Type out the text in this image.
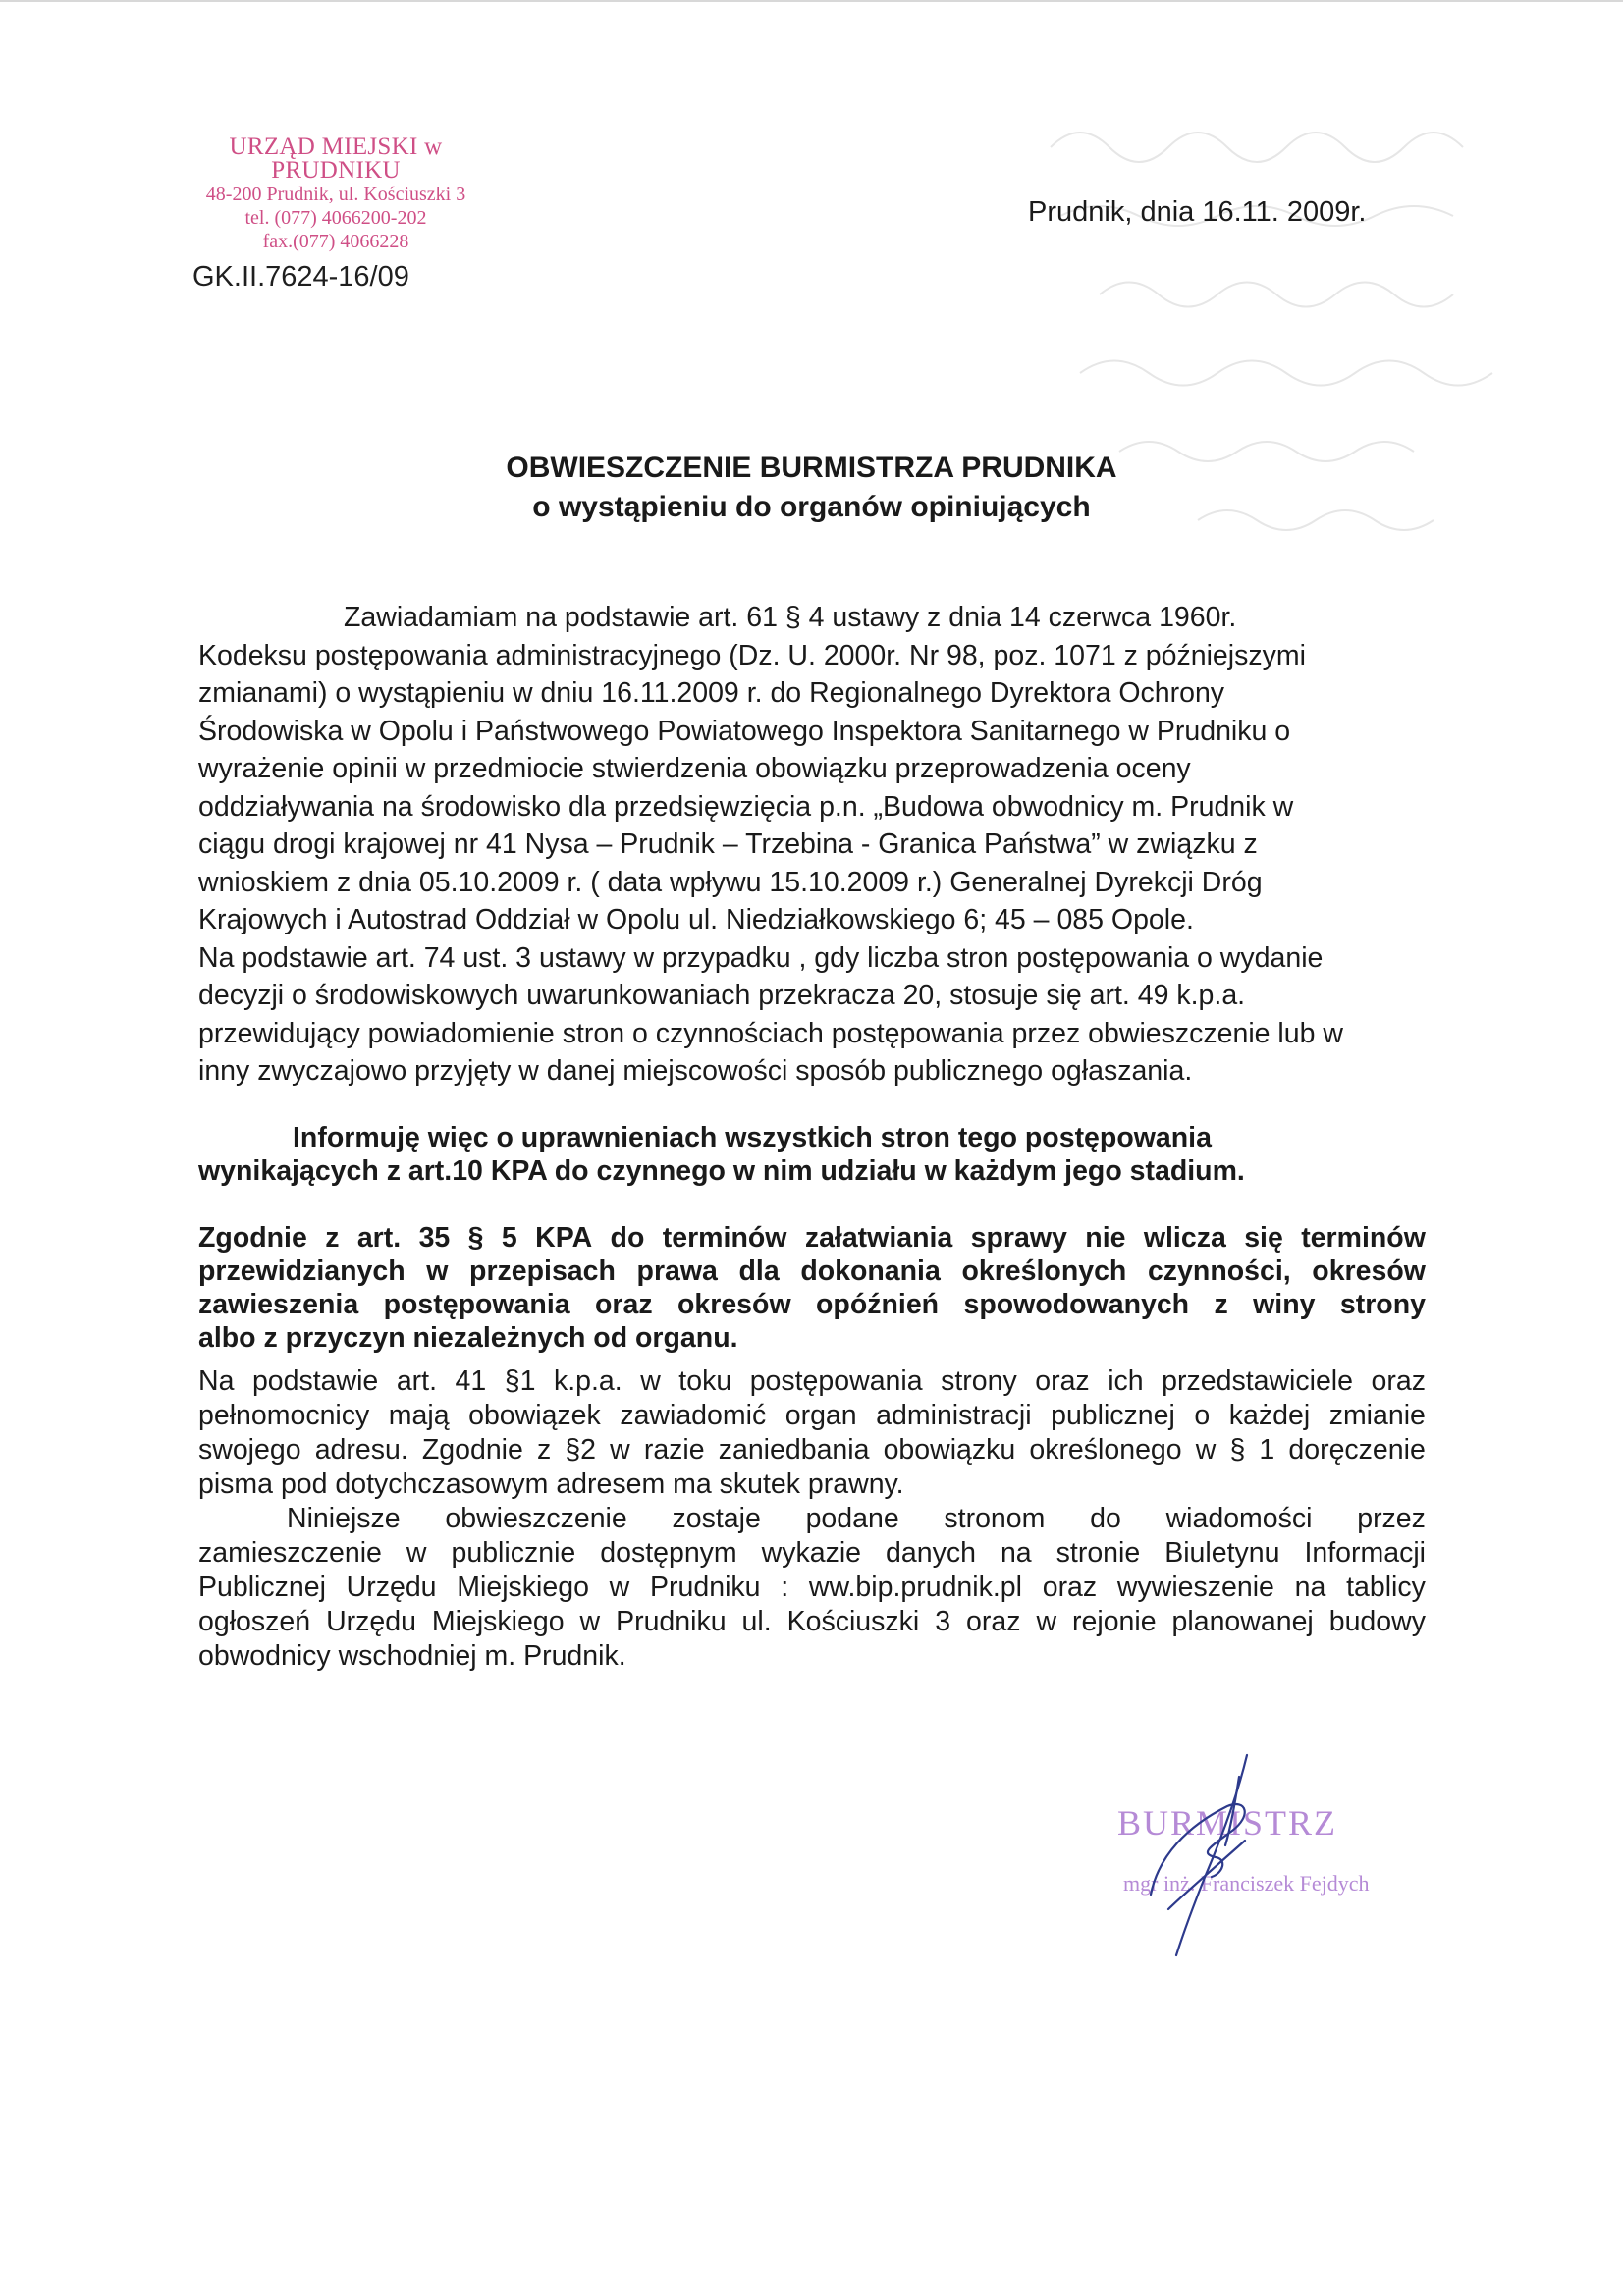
URZĄD MIEJSKI w PRUDNIKU
48-200 Prudnik, ul. Kościuszki 3
tel. (077) 4066200-202
fax.(077) 4066228
GK.II.7624-16/09
Prudnik, dnia 16.11. 2009r.
OBWIESZCZENIE BURMISTRZA PRUDNIKA
o wystąpieniu do organów opiniujących
Zawiadamiam na podstawie art. 61 § 4 ustawy z dnia 14 czerwca 1960r.
Kodeksu postępowania administracyjnego (Dz. U. 2000r. Nr 98, poz. 1071 z późniejszymi
zmianami) o wystąpieniu w dniu 16.11.2009 r. do Regionalnego Dyrektora Ochrony
Środowiska w Opolu i Państwowego Powiatowego Inspektora Sanitarnego w Prudniku o
wyrażenie opinii w przedmiocie stwierdzenia obowiązku przeprowadzenia oceny
oddziaływania na środowisko dla przedsięwzięcia p.n. „Budowa obwodnicy m. Prudnik w
ciągu drogi krajowej nr 41 Nysa – Prudnik – Trzebina - Granica Państwa” w związku z
wnioskiem z dnia 05.10.2009 r. ( data wpływu 15.10.2009 r.) Generalnej Dyrekcji Dróg
Krajowych i Autostrad Oddział w Opolu ul. Niedziałkowskiego 6; 45 – 085 Opole.
Na podstawie art. 74 ust. 3 ustawy w przypadku , gdy liczba stron postępowania o wydanie
decyzji o środowiskowych uwarunkowaniach przekracza 20, stosuje się art. 49 k.p.a.
przewidujący powiadomienie stron o czynnościach postępowania przez obwieszczenie lub w
inny zwyczajowo przyjęty w danej miejscowości sposób publicznego ogłaszania.
Informuję więc o uprawnieniach wszystkich stron tego postępowania
wynikających z art.10 KPA do czynnego w nim udziału w każdym jego stadium.
Zgodnie z art. 35 § 5 KPA do terminów załatwiania sprawy nie wlicza się terminów
przewidzianych w przepisach prawa dla dokonania określonych czynności, okresów
zawieszenia postępowania oraz okresów opóźnień spowodowanych z winy strony
albo z przyczyn niezależnych od organu.
Na podstawie art. 41 §1 k.p.a. w toku postępowania strony oraz ich przedstawiciele oraz
pełnomocnicy mają obowiązek zawiadomić organ administracji publicznej o każdej zmianie
swojego adresu. Zgodnie z §2 w razie zaniedbania obowiązku określonego w § 1 doręczenie
pisma pod dotychczasowym adresem ma skutek prawny.
Niniejsze obwieszczenie zostaje podane stronom do wiadomości przez
zamieszczenie w publicznie dostępnym wykazie danych na stronie Biuletynu Informacji
Publicznej Urzędu Miejskiego w Prudniku : ww.bip.prudnik.pl oraz wywieszenie na tablicy
ogłoszeń Urzędu Miejskiego w Prudniku ul. Kościuszki 3 oraz w rejonie planowanej budowy
obwodnicy wschodniej m. Prudnik.
BURMISTRZ
mgr inż. Franciszek Fejdych
